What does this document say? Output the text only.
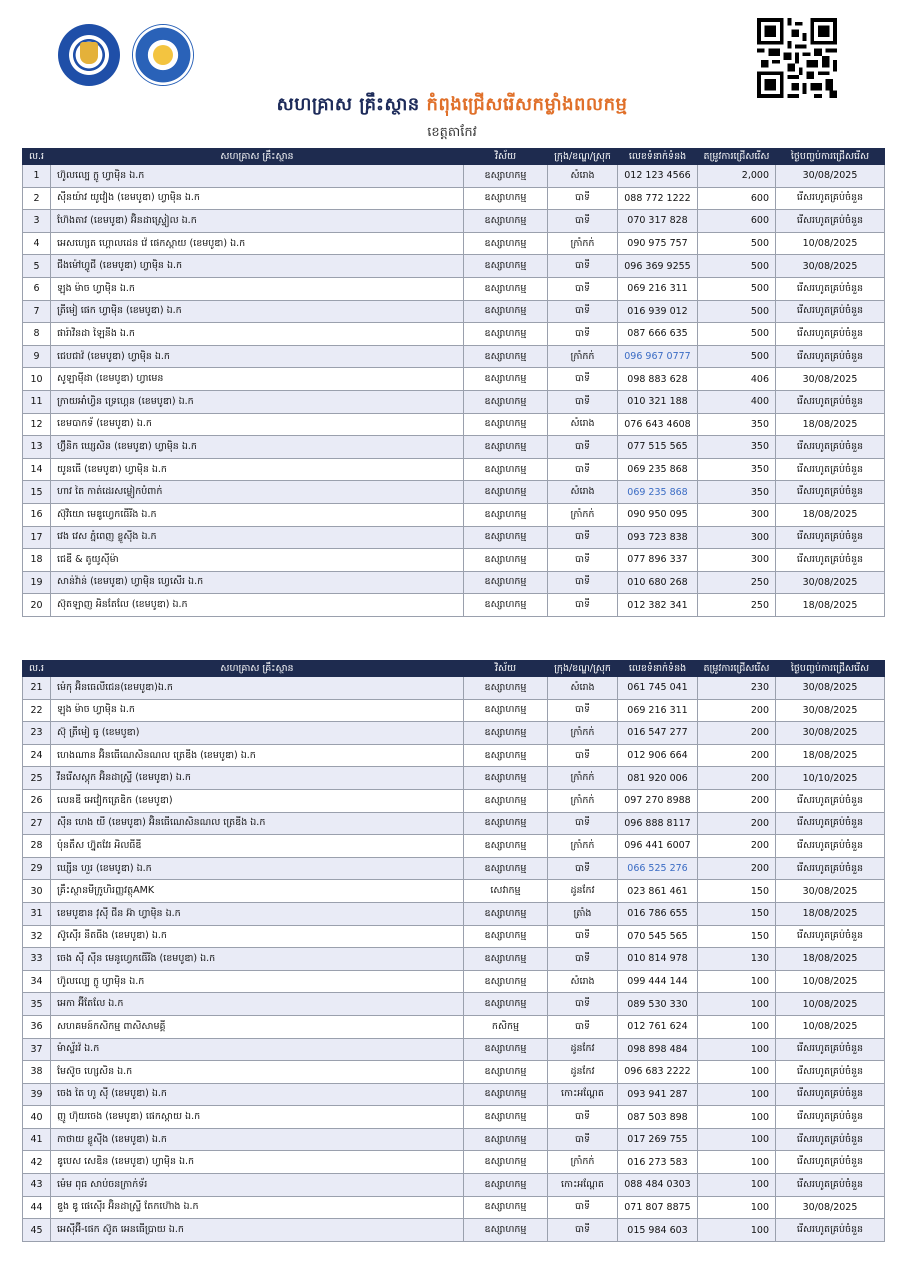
សហគ្រាស គ្រឹះស្ថាន កំពុងជ្រើសរើសកម្លាំងពលកម្ម
ខេត្តតាកែវ
ល.រ	សហគ្រាស គ្រឹះស្ថាន	វិស័យ	ក្រុង/ខណ្ឌ/ស្រុក	លេខទំនាក់ទំនង	តម្រូវការជ្រើសរើស	ថ្ងៃបញ្ចប់ការជ្រើសរើស
1	ហ៊ូលល្បេ ក្លូ ហ្វាម៉ិន ឯ.ក	ឧស្សាហកម្ម	សំរោង	012 123 4566	2,000	30/08/2025
2	ស៊ីនយ៉ាវ យូវៀង (ខេមបូឌា) ហ្វាម៉ិន ឯ.ក	ឧស្សាហកម្ម	បាទី	088 772 1222	600	រើសរហូតគ្រប់ចំនួន
3	ហ៊ែងតាវ (ខេមបូឌា) អ៊ិនដាស្ទ្រៀល ឯ.ក	ឧស្សាហកម្ម	បាទី	070 317 828	600	រើសរហូតគ្រប់ចំនួន
4	អេសហ្សេត ហ្គោលដេន វ៉េ ផេកស្តាយ (ខេមបូឌា) ឯ.ក	ឧស្សាហកម្ម	ក្រាំកក់	090 975 757	500	10/08/2025
5	ជីងម៉ៅហ្វូជី (ខេមបូឌា) ហ្វាម៉ិន ឯ.ក	ឧស្សាហកម្ម	បាទី	096 369 9255	500	30/08/2025
6	ឡុង ម៉ាច ហ្វាម៉ិន ឯ.ក	ឧស្សាហកម្ម	បាទី	069 216 311	500	រើសរហូតគ្រប់ចំនួន
7	ត្រីមៀ ផេក ហ្វាម៉ិន (ខេមបូឌា) ឯ.ក	ឧស្សាហកម្ម	បាទី	016 939 012	500	រើសរហូតគ្រប់ចំនួន
8	ផារ៉ាវិនដា ឡៃនីង ឯ.ក	ឧស្សាហកម្ម	បាទី	087 666 635	500	រើសរហូតគ្រប់ចំនួន
9	ជេបជាវ៉ (ខេមបូឌា) ហ្វាម៉ិន ឯ.ក	ឧស្សាហកម្ម	ក្រាំកក់	096 967 0777	500	រើសរហូតគ្រប់ចំនួន
10	សូឡាម៉ីដា (ខេមបូឌា) ហ្វាមេន	ឧស្សាហកម្ម	បាទី	098 883 628	406	30/08/2025
11	ក្រាយអាំហ្វិន ទ្រេហ្គេន (ខេមបូឌា) ឯ.ក	ឧស្សាហកម្ម	បាទី	010 321 188	400	រើសរហូតគ្រប់ចំនួន
12	ខេមបាកទ័ (ខេមបូឌា) ឯ.ក	ឧស្សាហកម្ម	សំរោង	076 643 4608	350	18/08/2025
13	ហ៊្វីនិក ឃ្សេសិន (ខេមបូឌា) ហ្វាម៉ិន ឯ.ក	ឧស្សាហកម្ម	បាទី	077 515 565	350	រើសរហូតគ្រប់ចំនួន
14	យូនធើ (ខេមបូឌា) ហ្វាម៉ិន ឯ.ក	ឧស្សាហកម្ម	បាទី	069 235 868	350	រើសរហូតគ្រប់ចំនួន
15	ហាវ តៃ កាត់ដេរសម្លៀកបំពាក់	ឧស្សាហកម្ម	សំរោង	069 235 868	350	រើសរហូតគ្រប់ចំនួន
16	ស៊ុវិយោ មេឌូហ្វេកធើរីង ឯ.ក	ឧស្សាហកម្ម	ក្រាំកក់	090 950 095	300	18/08/2025
17	វេង វេស ភ្នំពេញ ខ្លូស៊ីង ឯ.ក	ឧស្សាហកម្ម	បាទី	093 723 838	300	រើសរហូតគ្រប់ចំនួន
18	ជេឌី & តូយូស៊ីម៉ា	ឧស្សាហកម្ម	បាទី	077 896 337	300	រើសរហូតគ្រប់ចំនួន
19	សាន់វ៉ាន់ (ខេមបូឌា) ហ្វាម៉ិន ហ្វេសើរ ឯ.ក	ឧស្សាហកម្ម	បាទី	010 680 268	250	30/08/2025
20	ស៊ុតឡាញ អិនតែលែ (ខេមបូឌា) ឯ.ក	ឧស្សាហកម្ម	បាទី	012 382 341	250	18/08/2025
ល.រ	សហគ្រាស គ្រឹះស្ថាន	វិស័យ	ក្រុង/ខណ្ឌ/ស្រុក	លេខទំនាក់ទំនង	តម្រូវការជ្រើសរើស	ថ្ងៃបញ្ចប់ការជ្រើសរើស
21	ម៉េកុ អ៊ិនធេលីជេន(ខេមបូឌា)ឯ.ក	ឧស្សាហកម្ម	សំរោង	061 745 041	230	30/08/2025
22	ឡុង ម៉ាច ហ្វាម៉ិន ឯ.ក	ឧស្សាហកម្ម	បាទី	069 216 311	200	30/08/2025
23	ស៊ុ ត្រីមៀ ធូ (ខេមបូឌា)	ឧស្សាហកម្ម	ក្រាំកក់	016 547 277	200	30/08/2025
24	ហេងណាន អ៊ិនធើណេសិនណល ត្រេឌីង (ខេមបូឌា) ឯ.ក	ឧស្សាហកម្ម	បាទី	012 906 664	200	18/08/2025
25	វីនរើសស្តុក អ៊ិនដាស្ទ្រី (ខេមបូឌា) ឯ.ក	ឧស្សាហកម្ម	ក្រាំកក់	081 920 006	200	10/10/2025
26	លេនឌី អេវៀកត្រេឌិក (ខេមបូឌា)	ឧស្សាហកម្ម	ក្រាំកក់	097 270 8988	200	រើសរហូតគ្រប់ចំនួន
27	ស៊ីន ហេង យី (ខេមបូឌា) អ៊ិនធើណេសិនណល ត្រេឌីង ឯ.ក	ឧស្សាហកម្ម	បាទី	096 888 8117	200	រើសរហូតគ្រប់ចំនួន
28	ប៉ុនតឹស ហ្វ៊ុតវែរ អិលធីឌី	ឧស្សាហកម្ម	ក្រាំកក់	096 441 6007	200	រើសរហូតគ្រប់ចំនួន
29	ឃ្សើន ហួរ (ខេមបូឌា) ឯ.ក	ឧស្សាហកម្ម	បាទី	066 525 276	200	រើសរហូតគ្រប់ចំនួន
30	គ្រឹះស្ថានមីក្រូហិរញ្ញវត្ថុAMK	សេវាកម្ម	ដូនកែវ	023 861 461	150	30/08/2025
31	ខេមបូឌាន វុស៊ី ជីន អ៊ា ហ្វាម៉ិន ឯ.ក	ឧស្សាហកម្ម	ត្រាំង	016 786 655	150	18/08/2025
32	ស៊ូស៊ើរ នីតធីង (ខេមបូឌា) ឯ.ក	ឧស្សាហកម្ម	បាទី	070 545 565	150	រើសរហូតគ្រប់ចំនួន
33	ចេង ស៊ី ស៊ីន មេនូហ្វេកធើរីង (ខេមបូឌា) ឯ.ក	ឧស្សាហកម្ម	បាទី	010 814 978	130	18/08/2025
34	ហ៊ូលល្បេ ក្លូ ហ្វាម៉ិន ឯ.ក	ឧស្សាហកម្ម	សំរោង	099 444 144	100	10/08/2025
35	អេកា អ៊ីតែលែ ឯ.ក	ឧស្សាហកម្ម	បាទី	089 530 330	100	10/08/2025
36	សហគមន៍កសិកម្ម ពាសិសាមគ្គី	កសិកម្ម	បាទី	012 761 624	100	10/08/2025
37	ម៉ាស្ទ័រវ៉ ឯ.ក	ឧស្សាហកម្ម	ដូនកែវ	098 898 484	100	រើសរហូតគ្រប់ចំនួន
38	មែស៊ូច ហ្សេសិន ឯ.ក	ឧស្សាហកម្ម	ដូនកែវ	096 683 2222	100	រើសរហូតគ្រប់ចំនួន
39	ចេង តៃ ហូ ស៊ី (ខេមបូឌា) ឯ.ក	ឧស្សាហកម្ម	កោះអណ្តែត	093 941 287	100	រើសរហូតគ្រប់ចំនួន
40	ញូ ហ៊ុយចេង (ខេមបូឌា) ផេកស្តាយ ឯ.ក	ឧស្សាហកម្ម	បាទី	087 503 898	100	រើសរហូតគ្រប់ចំនួន
41	កាថាយ ខ្លូស៊ីង (ខេមបូឌា) ឯ.ក	ឧស្សាហកម្ម	បាទី	017 269 755	100	រើសរហូតគ្រប់ចំនួន
42	ឌូបេស សេឌិន (ខេមបូឌា) ហ្វាម៉ិន ឯ.ក	ឧស្សាហកម្ម	ក្រាំកក់	016 273 583	100	រើសរហូតគ្រប់ចំនួន
43	ម៉េម ពុធ សាប់ចនក្រាក់ទ័រ	ឧស្សាហកម្ម	កោះអណ្តែត	088 484 0303	100	រើសរហូតគ្រប់ចំនួន
44	ឌួង ឌូ ផេស៊ើរ អ៊ិនដាស្ទ្រី តែកហ៊ោង ឯ.ក	ឧស្សាហកម្ម	បាទី	071 807 8875	100	30/08/2025
45	អេស៊ីអ៊ី-ផេក ស៊ូត អេនធើប្រាយ ឯ.ក	ឧស្សាហកម្ម	បាទី	015 984 603	100	រើសរហូតគ្រប់ចំនួន
